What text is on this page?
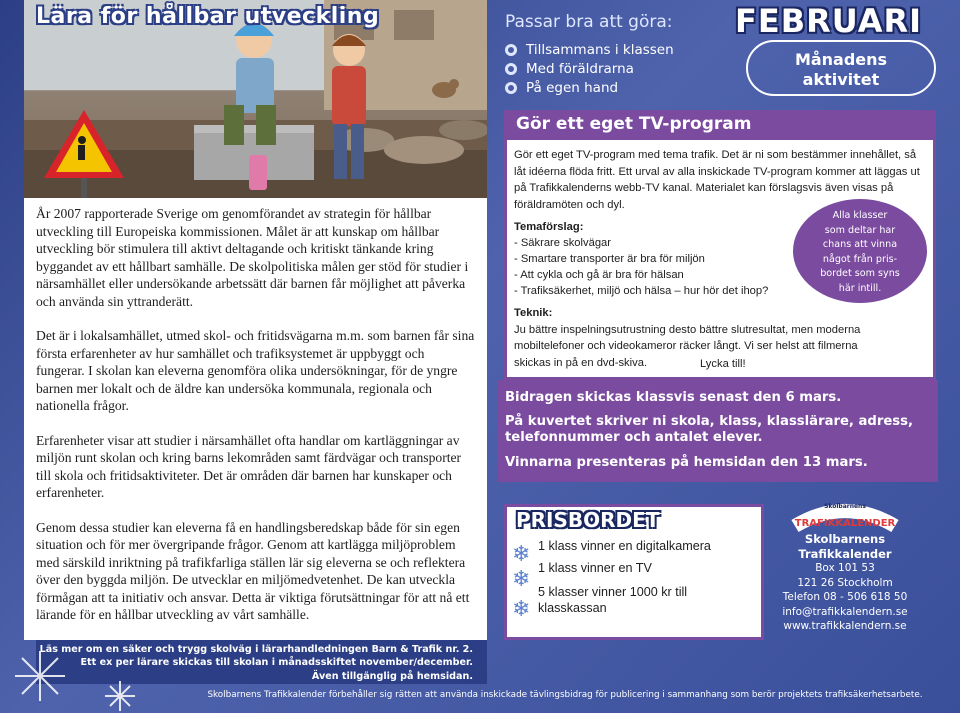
Lära för hållbar utveckling

År 2007 rapporterade Sverige om genomförandet av strategin för hållbar utveckling till Europeiska kommissionen. Målet är att kunskap om hållbar utveckling bör stimulera till aktivt deltagande och kritiskt tänkande kring byggandet av ett hållbart samhälle. De skolpolitiska målen ger stöd för studier i närsamhället eller undersökande arbetssätt där barnen får möjlighet att påverka och använda sin yttranderätt.

Det är i lokalsamhället, utmed skol- och fritidsvägarna m.m. som barnen får sina första erfarenheter av hur samhället och trafiksystemet är uppbyggt och fungerar. I skolan kan eleverna genomföra olika undersökningar, för de yngre barnen mer lokalt och de äldre kan undersöka kommunala, regionala och nationella frågor.

Erfarenheter visar att studier i närsamhället ofta handlar om kartläggningar av miljön runt skolan och kring barns lekområden samt färdvägar och transporter till skola och fritidsaktiviteter. Det är områden där barnen har kunskaper och erfarenheter.

Genom dessa studier kan eleverna få en handlingsberedskap både för sin egen situation och för mer övergripande frågor. Genom att kartlägga miljöproblem med särskild inriktning på trafikfarliga ställen lär sig eleverna se och reflektera över den byggda miljön. De utvecklar en miljömedvetenhet. De kan utveckla förmågan att ta initiativ och ansvar. Detta är viktiga förutsättningar för att nå ett lärande för en hållbar utveckling av vårt samhälle.

Läs mer om en säker och trygg skolväg i lärarhandledningen Barn & Trafik nr. 2.
Ett ex per lärare skickas till skolan i månadsskiftet november/december.
Även tillgänglig på hemsidan.
Passar bra att göra:
Tillsammans i klassen
Med föräldrarna
På egen hand
FEBRUARI
Månadens
aktivitet
Gör ett eget TV-program
Gör ett eget TV-program med tema trafik. Det är ni som bestämmer innehållet, så låt idéerna flöda fritt. Ett urval av alla inskickade TV-program kommer att läggas ut på Trafikkalenderns webb-TV kanal. Materialet kan förslagsvis även visas på föräldramöten och dyl.
Temaförslag:
- Säkrare skolvägar
- Smartare transporter är bra för miljön
- Att cykla och gå är bra för hälsan
- Trafiksäkerhet, miljö och hälsa – hur hör det ihop?
Alla klasser
som deltar har
chans att vinna
något från pris-
bordet som syns
här intill.
Teknik:
Ju bättre inspelningsutrustning desto bättre slutresultat, men moderna mobiltelefoner och videokameror räcker långt. Vi ser helst att filmerna skickas in på en dvd-skiva.	Lycka till!
Bidragen skickas klassvis senast den 6 mars.
På kuvertet skriver ni skola, klass, klasslärare, adress, telefonnummer och antalet elever.
Vinnarna presenteras på hemsidan den 13 mars.
PRISBORDET
❄
❄
❄
1 klass vinner en digitalkamera
1 klass vinner en TV
5 klasser vinner 1000 kr till klasskassan
Skolbarnens
TRAFIKKALENDER
Skolbarnens
Trafikkalender
Box 101 53
121 26 Stockholm
Telefon 08 - 506 618 50
info@trafikkalendern.se
www.trafikkalendern.se
Skolbarnens Trafikkalender förbehåller sig rätten att använda inskickade tävlingsbidrag för publicering i sammanhang som berör projektets trafiksäkerhetsarbete.
